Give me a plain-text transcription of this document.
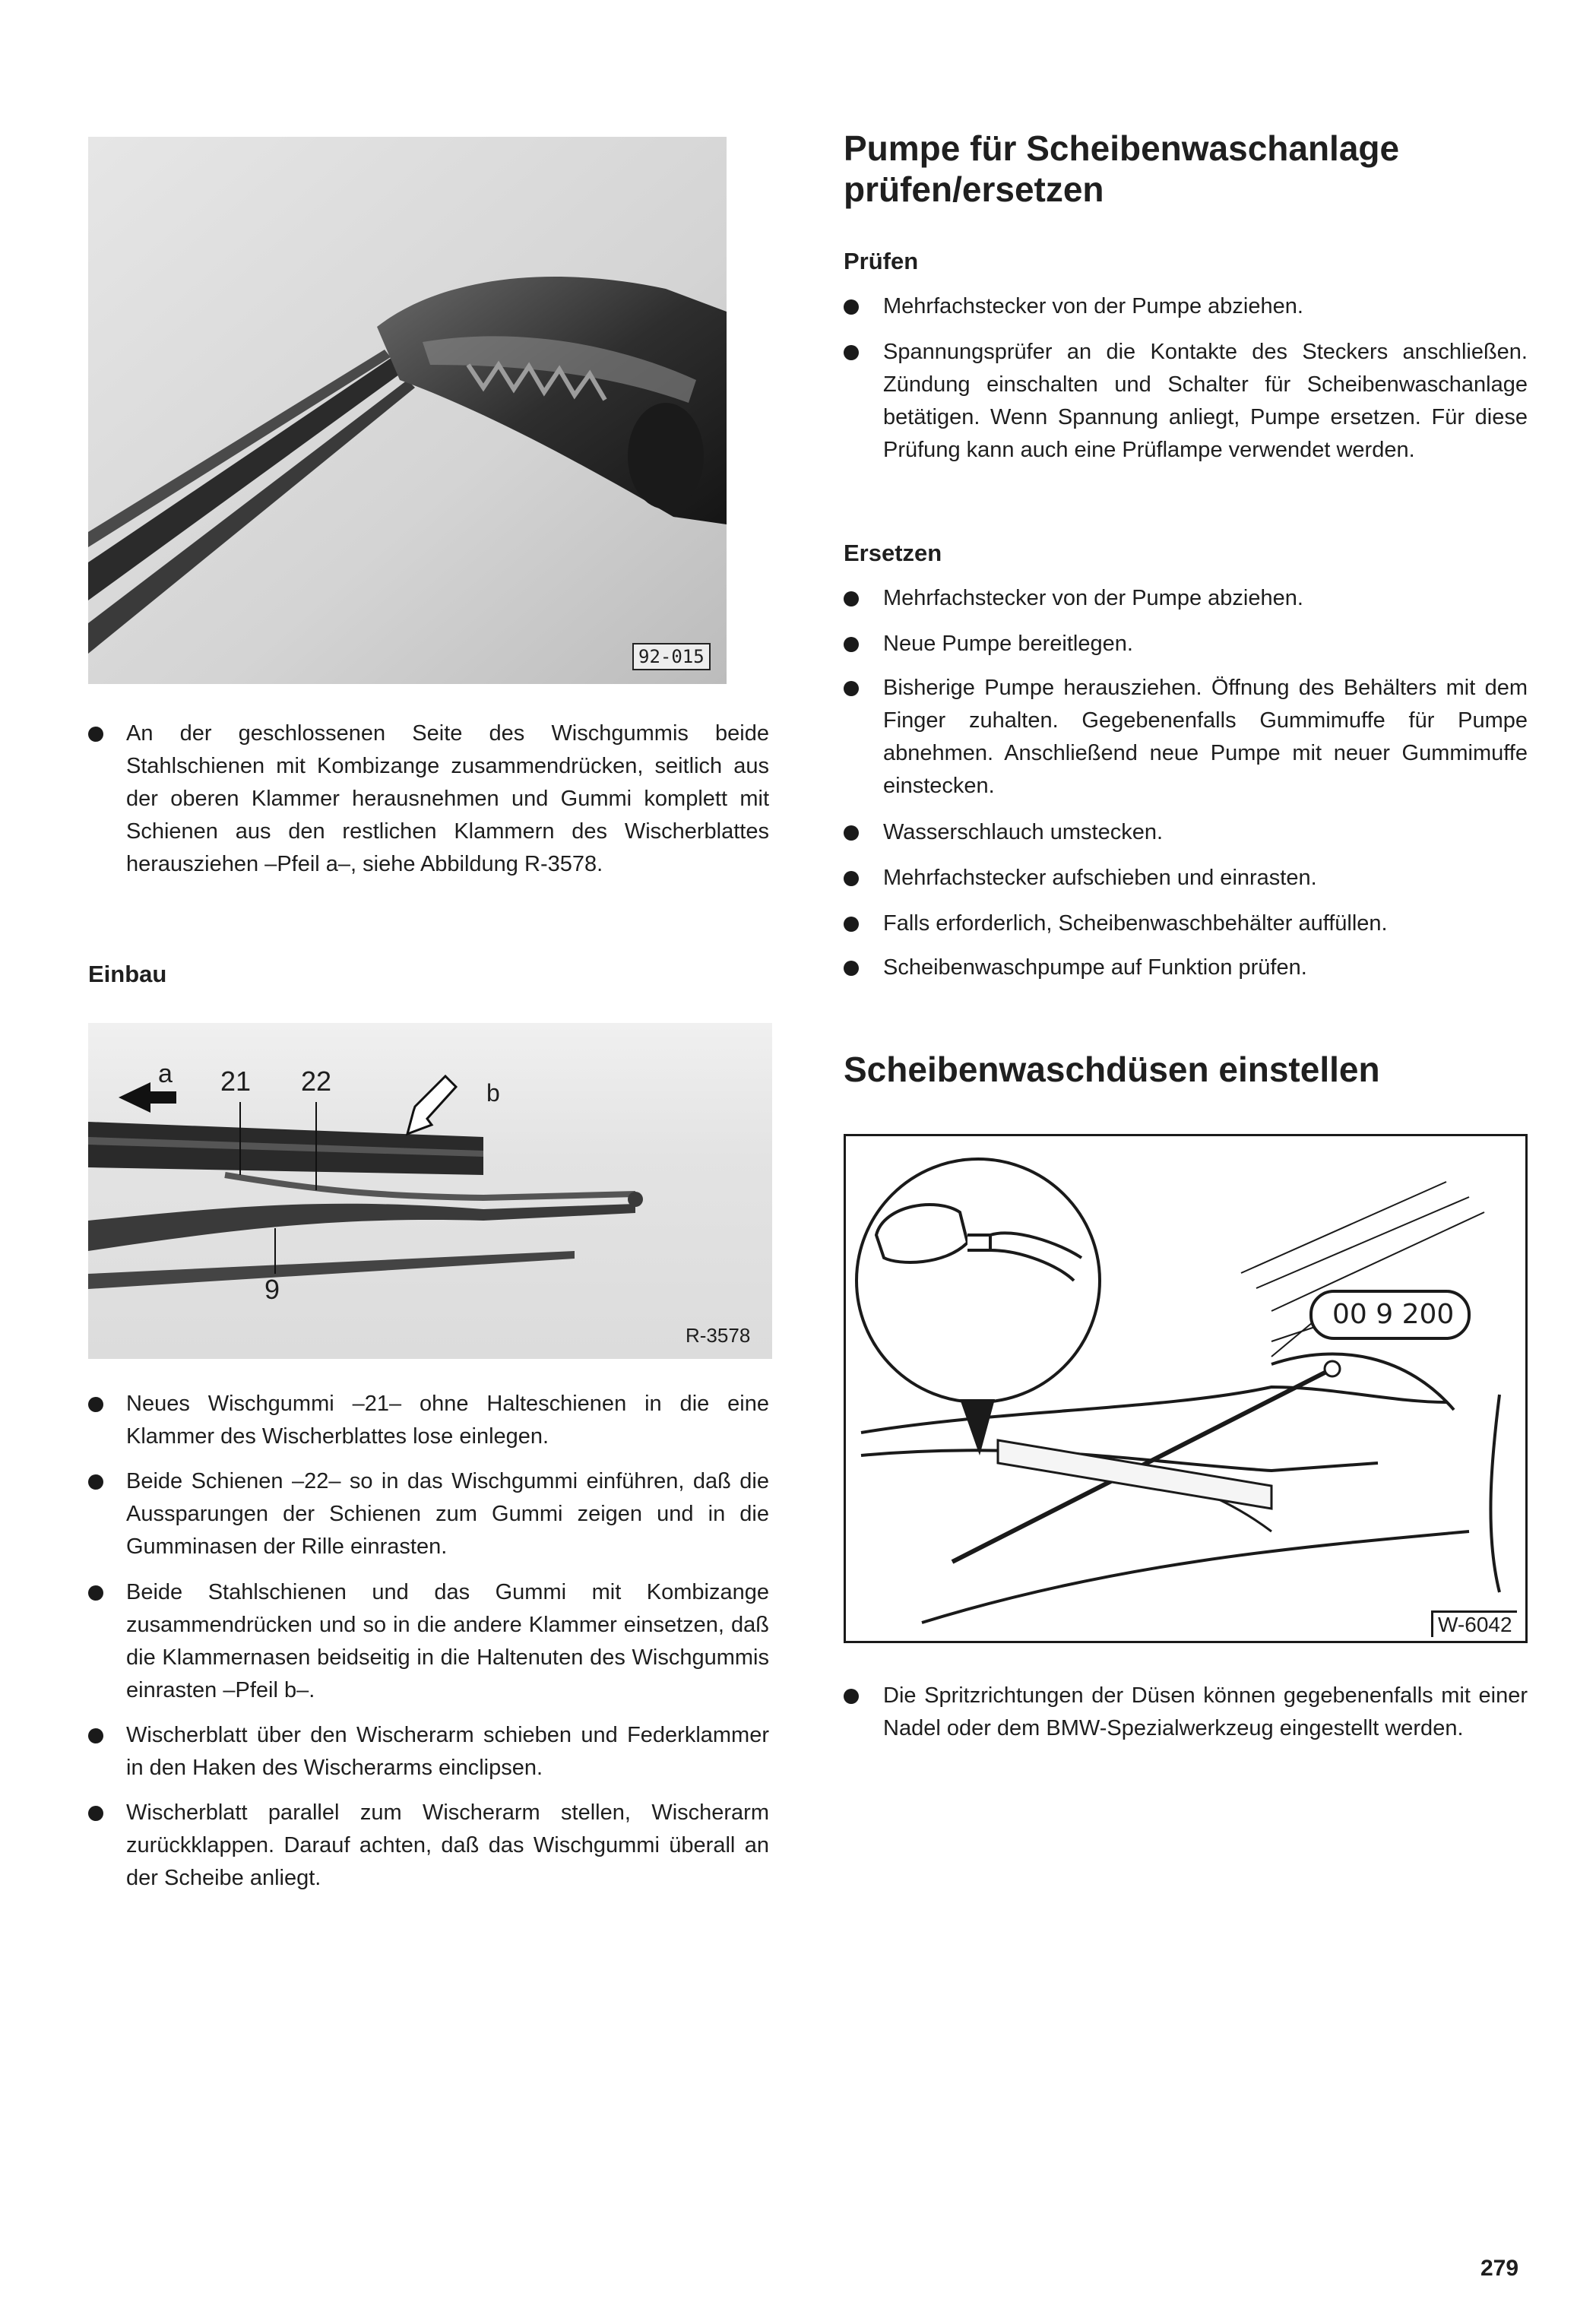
92-015
An der geschlossenen Seite des Wischgummis beide Stahlschienen mit Kombizange zusammendrücken, seitlich aus der oberen Klammer herausnehmen und Gummi komplett mit Schienen aus den restlichen Klammern des Wischerblattes herausziehen –Pfeil a–, siehe Abbildung R-3578.
Einbau
a 21 22	b
9
R-3578
Neues Wischgummi –21– ohne Halteschienen in die eine Klammer des Wischerblattes lose einlegen.
Beide Schienen –22– so in das Wischgummi einführen, daß die Aussparungen der Schienen zum Gummi zeigen und in die Gumminasen der Rille einrasten.
Beide Stahlschienen und das Gummi mit Kombizange zusammendrücken und so in die andere Klammer einsetzen, daß die Klammernasen beidseitig in die Haltenuten des Wischgummis einrasten –Pfeil b–.
Wischerblatt über den Wischerarm schieben und Federklammer in den Haken des Wischerarms einclipsen.
Wischerblatt parallel zum Wischerarm stellen, Wischerarm zurückklappen. Darauf achten, daß das Wischgummi überall an der Scheibe anliegt.
Pumpe für Scheibenwaschanlage prüfen/ersetzen
Prüfen
Mehrfachstecker von der Pumpe abziehen.
Spannungsprüfer an die Kontakte des Steckers anschließen. Zündung einschalten und Schalter für Scheibenwaschanlage betätigen. Wenn Spannung anliegt, Pumpe ersetzen. Für diese Prüfung kann auch eine Prüflampe verwendet werden.
Ersetzen
Mehrfachstecker von der Pumpe abziehen.
Neue Pumpe bereitlegen.
Bisherige Pumpe herausziehen. Öffnung des Behälters mit dem Finger zuhalten. Gegebenenfalls Gummimuffe für Pumpe abnehmen. Anschließend neue Pumpe mit neuer Gummimuffe einstecken.
Wasserschlauch umstecken.
Mehrfachstecker aufschieben und einrasten.
Falls erforderlich, Scheibenwaschbehälter auffüllen.
Scheibenwaschpumpe auf Funktion prüfen.
Scheibenwaschdüsen einstellen
00 9 200
W-6042
Die Spritzrichtungen der Düsen können gegebenenfalls mit einer Nadel oder dem BMW-Spezialwerkzeug eingestellt werden.
279
